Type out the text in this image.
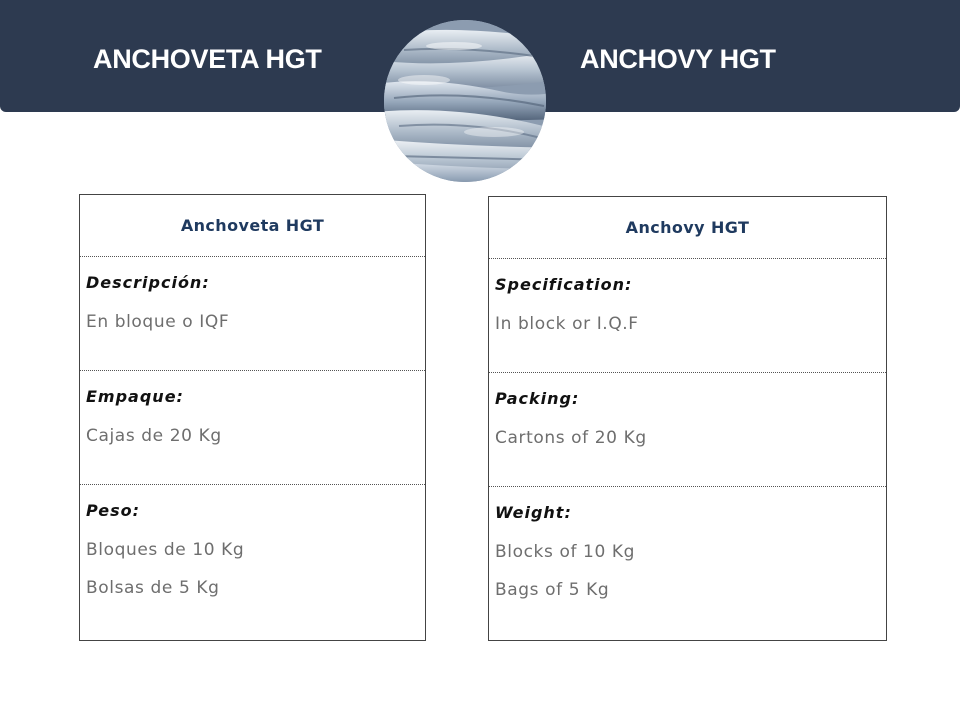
ANCHOVETA HGT	ANCHOVY HGT
Anchoveta HGT
Descripción:
En bloque o IQF
Empaque:
Cajas de 20 Kg
Peso:
Bloques de 10 Kg
Bolsas de 5 Kg
Anchovy HGT
Specification:
In block or I.Q.F
Packing:
Cartons of 20 Kg
Weight:
Blocks of 10 Kg
Bags of 5 Kg
